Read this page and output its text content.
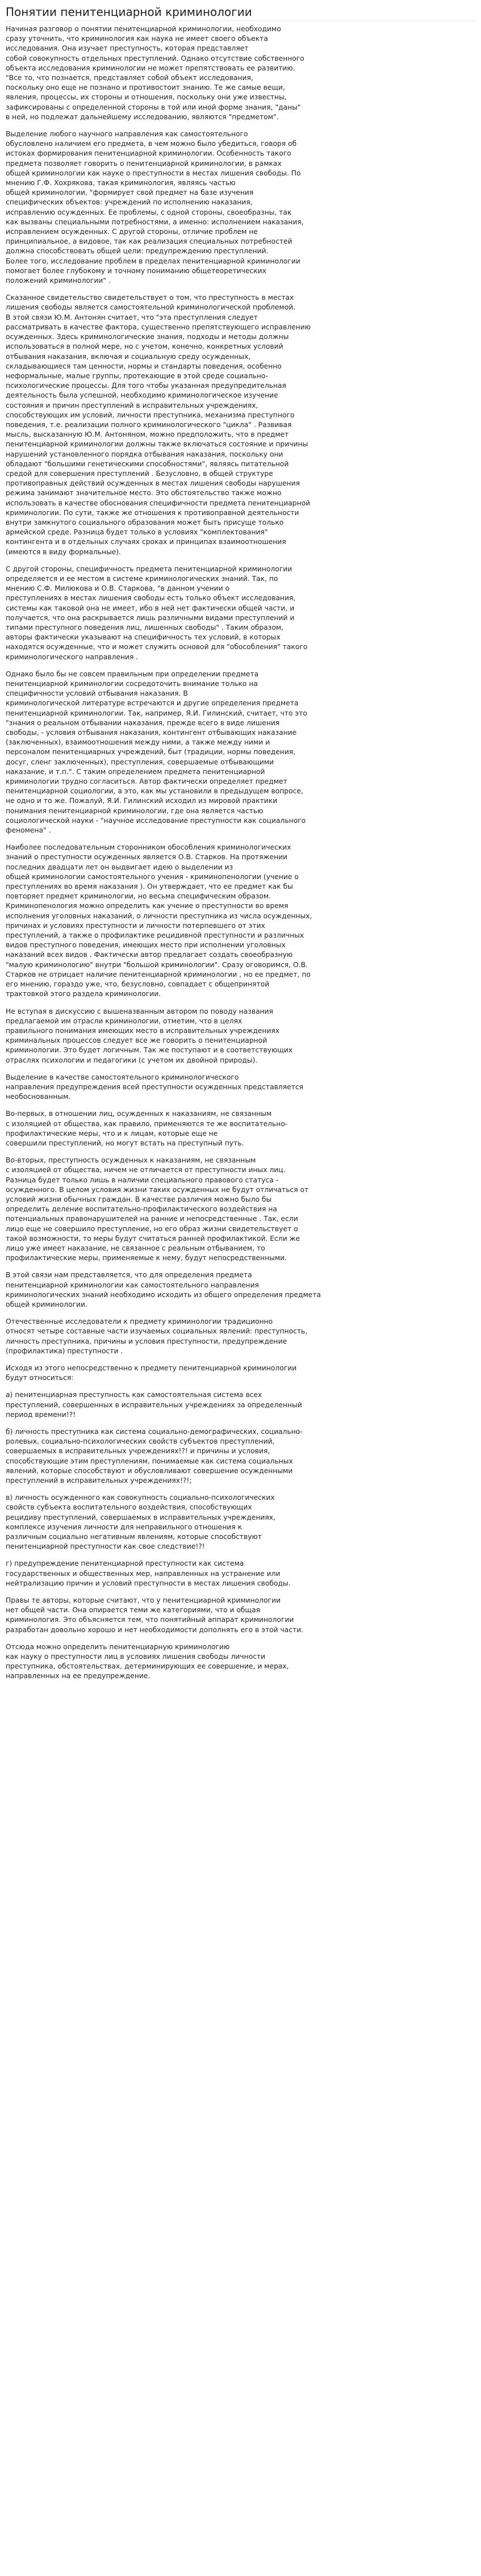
Понятии пенитенциарной криминологии

Начиная разговор о понятии пенитенциарной криминологии, необходимо
сразу уточнить, что криминология как наука не имеет своего объекта
исследования. Она изучает преступность, которая представляет
собой совокупность отдельных преступлений. Однако отсутствие собственного
объекта исследования криминологии не может препятствовать ее развитию.
"Все то, что познается, представляет собой объект исследования,
поскольку оно еще не познано и противостоит знанию. Те же самые вещи,
явления, процессы, их стороны и отношения, поскольку они уже известны,
зафиксированы с определенной стороны в той или иной форме знания, "даны"
в ней, но подлежат дальнейшему исследованию, являются "предметом".

Выделение любого научного направления как самостоятельного
обусловлено наличием его предмета, в чем можно было убедиться, говоря об
истоках формирования пенитенциарной криминологии. Особенность такого
предмета позволяет говорить о пенитенциарной криминологии, в рамках
общей криминологии как науке о преступности в местах лишения свободы. По
мнению Г.Ф. Хохрякова, такая криминология, являясь частью
общей криминологии, "формирует свой предмет на базе изучения
специфических объектов: учреждений по исполнению наказания,
исправлению осужденных. Ее проблемы, с одной стороны, своеобразны, так
как вызваны специальными потребностями, а именно: исполнением наказания,
исправлением осужденных. С другой стороны, отличие проблем не
принципиальное, а видовое, так как реализация специальных потребностей
должна способствовать общей цели: предупреждению преступлений.
Более того, исследование проблем в пределах пенитенциарной криминологии
помогает более глубокому и точному пониманию общетеоретических
положений криминологии" .

Сказанное свидетельство свидетельствует о том, что преступность в местах
лишения свободы является самостоятельной криминологической проблемой.
В этой связи Ю.М. Антонян считает, что "эта преступления следует
рассматривать в качестве фактора, существенно препятствующего исправлению
осужденных. Здесь криминологические знания, подходы и методы должны
использоваться в полной мере, но с учетом, конечно, конкретных условий
отбывания наказания, включая и социальную среду осужденных,
складывающиеся там ценности, нормы и стандарты поведения, особенно
неформальные, малые группы, протекающие в этой среде социально-
психологические процессы. Для того чтобы указанная предупредительная
деятельность была успешной, необходимо криминологическое изучение
состояния и причин преступлений в исправительных учреждениях,
способствующих им условий, личности преступника, механизма преступного
поведения, т.е. реализации полного криминологического "цикла" . Развивая
мысль, высказанную Ю.М. Антоняном, можно предположить, что в предмет
пенитенциарной криминологии должны также включаться состояние и причины
нарушений установленного порядка отбывания наказания, поскольку они
обладают "большими генетическими способностями", являясь питательной
средой для совершения преступлений . Безусловно, в общей структуре
противоправных действий осужденных в местах лишения свободы нарушения
режима занимают значительное место. Это обстоятельство также можно
использовать в качестве обоснования специфичности предмета пенитенциарной
криминологии. По сути, также же отношения к противоправной деятельности
внутри замкнутого социального образования может быть присуще только
армейской среде. Разница будет только в условиях "комплектования"
контингента и в отдельных случаях сроках и принципах взаимоотношения
(имеются в виду формальные).

С другой стороны, специфичность предмета пенитенциарной криминологии
определяется и ее местом в системе криминологических знаний. Так, по
мнению С.Ф. Милюкова и О.В. Старкова, "в данном учении о
преступлениях в местах лишения свободы есть только объект исследования,
системы как таковой она не имеет, ибо в ней нет фактически общей части, и
получается, что она раскрывается лишь различными видами преступлений и
типами преступного поведения лиц, лишенных свободы" . Таким образом,
авторы фактически указывают на специфичность тех условий, в которых
находятся осужденные, что и может служить основой для "обособления" такого
криминологического направления .

Однако было бы не совсем правильным при определении предмета
пенитенциарной криминологии сосредоточить внимание только на
специфичности условий отбывания наказания. В
криминологической литературе встречаются и другие определения предмета
пенитенциарной криминологии. Так, например, Я.И. Гилинский, считает, что это
"знания о реальном отбывании наказания, прежде всего в виде лишения
свободы, - условия отбывания наказания, контингент отбывающих наказание
(заключенных), взаимоотношения между ними, а также между ними и
персоналом пенитенциарных учреждений, быт (традиции, нормы поведения,
досуг, сленг заключенных), преступления, совершаемые отбывающими
наказание, и т.п.". С таким определением предмета пенитенциарной
криминологии трудно согласиться. Автор фактически определяет предмет
пенитенциарной социологии, а это, как мы установили в предыдущем вопросе,
не одно и то же. Пожалуй, Я.И. Гилинский исходил из мировой практики
понимания пенитенциарной криминологии, где она является частью
социологической науки - "научное исследование преступности как социального
феномена" .

Наиболее последовательным сторонником обособления криминологических
знаний о преступности осужденных является О.В. Старков. На протяжении
последних двадцати лет он выдвигает идею о выделении из
общей криминологии самостоятельного учения - криминопенологии (учение о
преступлениях во время наказания ). Он утверждает, что ее предмет как бы
повторяет предмет криминологии, но весьма специфическим образом.
Криминопенология можно определить как учение о преступности во время
исполнения уголовных наказаний, о личности преступника из числа осужденных,
причинах и условиях преступности и личности потерпевшего от этих
преступлений, а также о профилактике рецидивной преступности и различных
видов преступного поведения, имеющих место при исполнении уголовных
наказаний всех видов . Фактически автор предлагает создать своеобразную
"малую криминологию" внутри "большой криминологии". Сразу оговоримся, О.В.
Старков не отрицает наличие пенитенциарной криминологии , но ее предмет, по
его мнению, гораздо уже, что, безусловно, совпадает с общепринятой
трактовкой этого раздела криминологии.

Не вступая в дискуссию с вышеназванным автором по поводу названия
предлагаемой им отрасли криминологии, отметим, что в целях
правильного понимания имеющих место в исправительных учреждениях
криминальных процессов следует все же говорить о пенитенциарной
криминологии. Это будет логичным. Так же поступают и в соответствующих
отраслях психологии и педагогики (с учетом их двойной природы).

Выделение в качестве самостоятельного криминологического
направления предупреждения всей преступности осужденных представляется
необоснованным.

Во-первых, в отношении лиц, осужденных к наказаниям, не связанным
с изоляцией от общества, как правило, применяются те же воспитательно-
профилактические меры, что и к лицам, которые еще не
совершили преступлений, но могут встать на преступный путь.

Во-вторых, преступность осужденных к наказаниям, не связанным
с изоляцией от общества, ничем не отличается от преступности иных лиц.
Разница будет только лишь в наличии специального правового статуса -
осужденного. В целом условия жизни таких осужденных не будут отличаться от
условий жизни обычных граждан. В качестве различия можно было бы
определить деление воспитательно-профилактического воздействия на
потенциальных правонарушителей на ранние и непосредственные . Так, если
лицо еще не совершило преступление, но его образ жизни свидетельствует о
такой возможности, то меры будут считаться ранней профилактикой. Если же
лицо уже имеет наказание, не связанное с реальным отбыванием, то
профилактические меры, применяемые к нему, будут непосредственными.

В этой связи нам представляется, что для определения предмета
пенитенциарной криминологии как самостоятельного направления
криминологических знаний необходимо исходить из общего определения предмета
общей криминологии.

Отечественные исследователи к предмету криминологии традиционно
относят четыре составные части изучаемых социальных явлений: преступность,
личность преступника, причины и условия преступности, предупреждение
(профилактика) преступности .

Исходя из этого непосредственно к предмету пенитенциарной криминологии
будут относиться:

а) пенитенциарная преступность как самостоятельная система всех
преступлений, совершенных в исправительных учреждениях за определенный
период времени!?!

б) личность преступника как система социально-демографических, социально-
ролевых, социально-психологических свойств субъектов преступлений,
совершаемых в исправительных учреждениях!?! и причины и условия,
способствующие этим преступлениям, понимаемые как система социальных
явлений, которые способствуют и обусловливают совершение осужденными
преступлений в исправительных учреждениях!?!;

в) личность осужденного как совокупность социально-психологических
свойств субъекта воспитательного воздействия, способствующих
рецидиву преступлений, совершаемых в исправительных учреждениях,
комплексе изучения личности для неправильного отношения к
различным социально негативным явлениям, которые способствуют
пенитенциарной преступности как свое следствие!?!

г) предупреждение пенитенциарной преступности как система
государственных и общественных мер, направленных на устранение или
нейтрализацию причин и условий преступности в местах лишения свободы.

Правы те авторы, которые считают, что у пенитенциарной криминологии
нет общей части. Она опирается теми же категориями, что и общая
криминология. Это объясняется тем, что понятийный аппарат криминологии
разработан довольно хорошо и нет необходимости дополнять его в этой части.

Отсюда можно определить пенитенциарную криминологию
как науку о преступности лиц в условиях лишения свободы личности
преступника, обстоятельствах, детерминирующих ее совершение, и мерах,
направленных на ее предупреждение.
